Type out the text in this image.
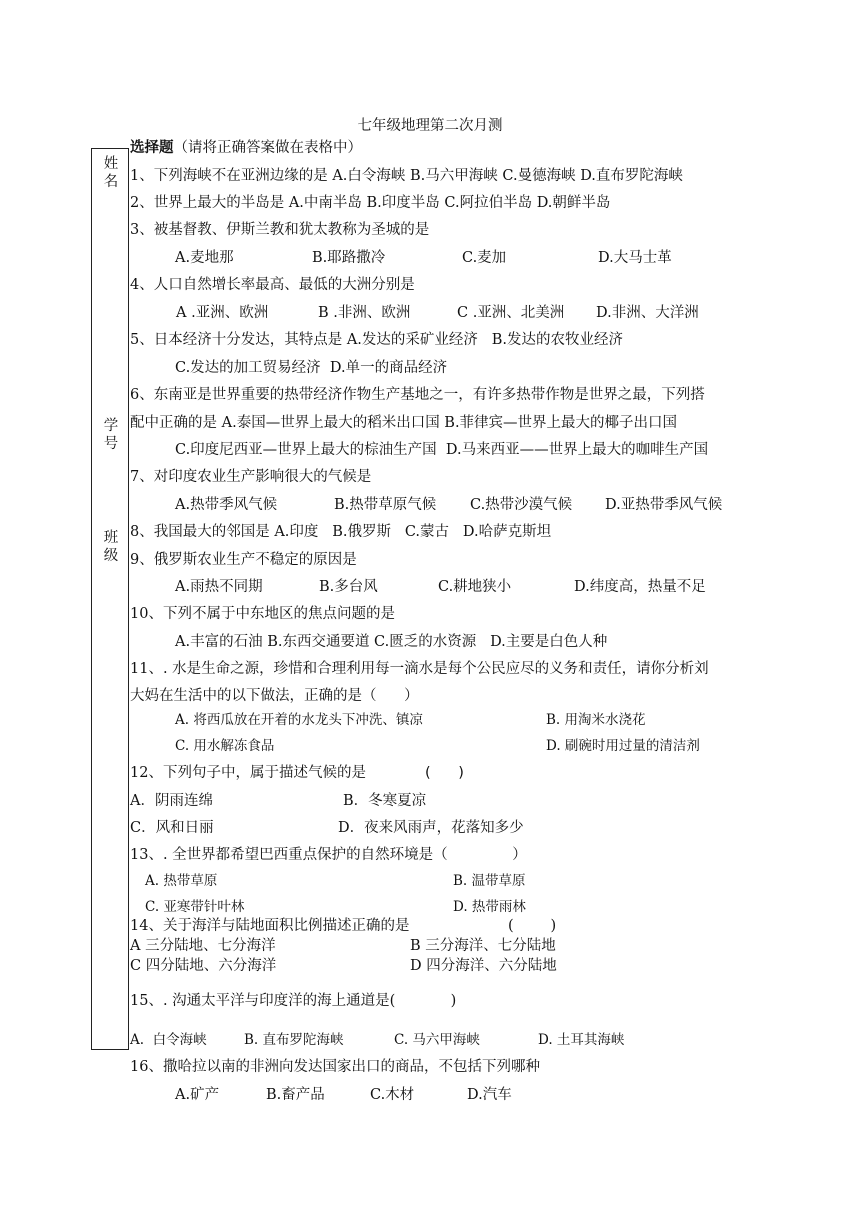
七年级地理第二次月测
姓
名
学
号
班
级
选择题（请将正确答案做在表格中）
1、下列海峡不在亚洲边缘的是 A.白令海峡 B.马六甲海峡 C.曼德海峡 D.直布罗陀海峡
2、世界上最大的半岛是 A.中南半岛 B.印度半岛 C.阿拉伯半岛 D.朝鲜半岛
3、被基督教、伊斯兰教和犹太教称为圣城的是
A.麦地那	B.耶路撒冷	C.麦加	D.大马士革
4、人口自然增长率最高、最低的大洲分别是
A .亚洲、欧洲	B .非洲、欧洲	C .亚洲、北美洲 D.非洲、大洋洲
5、日本经济十分发达，其特点是 A.发达的采矿业经济   B.发达的农牧业经济
C.发达的加工贸易经济  D.单一的商品经济
6、东南亚是世界重要的热带经济作物生产基地之一，有许多热带作物是世界之最，下列搭
配中正确的是 A.泰国—世界上最大的稻米出口国 B.菲律宾—世界上最大的椰子出口国
C.印度尼西亚—世界上最大的棕油生产国  D.马来西亚——世界上最大的咖啡生产国
7、对印度农业生产影响很大的气候是
A.热带季风气候	B.热带草原气候 C.热带沙漠气候 D.亚热带季风气候
8、我国最大的邻国是 A.印度   B.俄罗斯   C.蒙古   D.哈萨克斯坦
9、俄罗斯农业生产不稳定的原因是
A.雨热不同期	B.多台风	C.耕地狭小	D.纬度高，热量不足
10、下列不属于中东地区的焦点问题的是
A.丰富的石油 B.东西交通要道 C.匮乏的水资源   D.主要是白色人种
11、. 水是生命之源，珍惜和合理利用每一滴水是每个公民应尽的义务和责任，请你分析刘
大妈在生活中的以下做法，正确的是（      ）
A. 将西瓜放在开着的水龙头下冲洗、镇凉	B. 用淘米水浇花
C. 用水解冻食品	D. 刷碗时用过量的清洁剂
12、下列句子中，属于描述气候的是	(      )
A．阴雨连绵	B．冬寒夏凉
C．风和日丽	D．夜来风雨声，花落知多少
13、. 全世界都希望巴西重点保护的自然环境是（              ）
A. 热带草原	B. 温带草原
C. 亚寒带针叶林	D. 热带雨林
14、关于海洋与陆地面积比例描述正确的是	(        )
A 三分陆地、七分海洋	B 三分海洋、七分陆地
C 四分陆地、六分海洋	D 四分海洋、六分陆地
15、. 沟通太平洋与印度洋的海上通道是(            )
A.  白令海峡	B. 直布罗陀海峡	C. 马六甲海峡	D. 土耳其海峡
16、撒哈拉以南的非洲向发达国家出口的商品，不包括下列哪种
A.矿产	B.畜产品	C.木材	D.汽车
